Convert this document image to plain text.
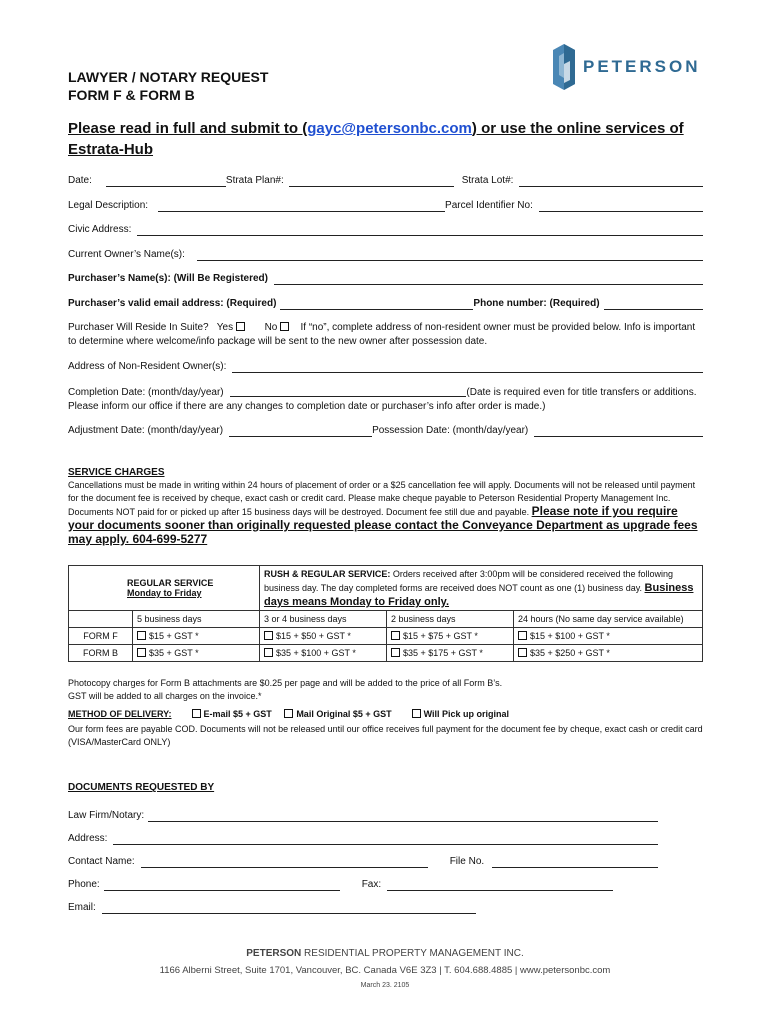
LAWYER / NOTARY REQUEST
FORM F & FORM B
PETERSON
Please read in full and submit to (gayc@petersonbc.com) or use the online services of Estrata-Hub
Date:	Strata Plan#:	Strata Lot#:
Legal Description:	Parcel Identifier No:
Civic Address:
Current Owner’s Name(s):
Purchaser’s Name(s): (Will Be Registered)
Purchaser’s valid email address: (Required)	Phone number: (Required)
Purchaser Will Reside In Suite? Yes	No If “no”, complete address of non-resident owner must be provided below. Info is important to determine where welcome/info package will be sent to the new owner after possession date.
Address of Non-Resident Owner(s):
Completion Date: (month/day/year)	(Date is required even for title transfers or additions. Please inform our office if there are any changes to completion date or purchaser’s info after order is made.)
Adjustment Date: (month/day/year)	Possession Date: (month/day/year)
SERVICE CHARGES
Cancellations must be made in writing within 24 hours of placement of order or a $25 cancellation fee will apply. Documents will not be released until payment for the document fee is received by cheque, exact cash or credit card. Please make cheque payable to Peterson Residential Property Management Inc. Documents NOT paid for or picked up after 15 business days will be destroyed. Document fee still due and payable. Please note if you require your documents sooner than originally requested please contact the Conveyance Department as upgrade fees may apply. 604-699-5277
REGULAR SERVICE
Monday to Friday		RUSH & REGULAR SERVICE: Orders received after 3:00pm will be considered received the following business day. The day completed forms are received does NOT count as one (1) business day. Business days means Monday to Friday only.		
	5 business days	3 or 4 business days	2 business days	24 hours (No same day service available)
FORM F	$15 + GST *	$15 + $50 + GST *	$15 + $75 + GST *	$15 + $100 + GST *
FORM B	$35 + GST *	$35 + $100 + GST *	$35 + $175 + GST *	$35 + $250 + GST *
Photocopy charges for Form B attachments are $0.25 per page and will be added to the price of all Form B’s.
GST will be added to all charges on the invoice.*
METHOD OF DELIVERY:	E-mail $5 + GST	Mail Original $5 + GST	Will Pick up original
Our form fees are payable COD. Documents will not be released until our office receives full payment for the document fee by cheque, exact cash or credit card (VISA/MasterCard ONLY)
DOCUMENTS REQUESTED BY
Law Firm/Notary:
Address:
Contact Name:	File No.
Phone:	Fax:
Email:
PETERSON RESIDENTIAL PROPERTY MANAGEMENT INC.
1166 Alberni Street, Suite 1701, Vancouver, BC. Canada V6E 3Z3 | T. 604.688.4885 | www.petersonbc.com
March 23. 2105
